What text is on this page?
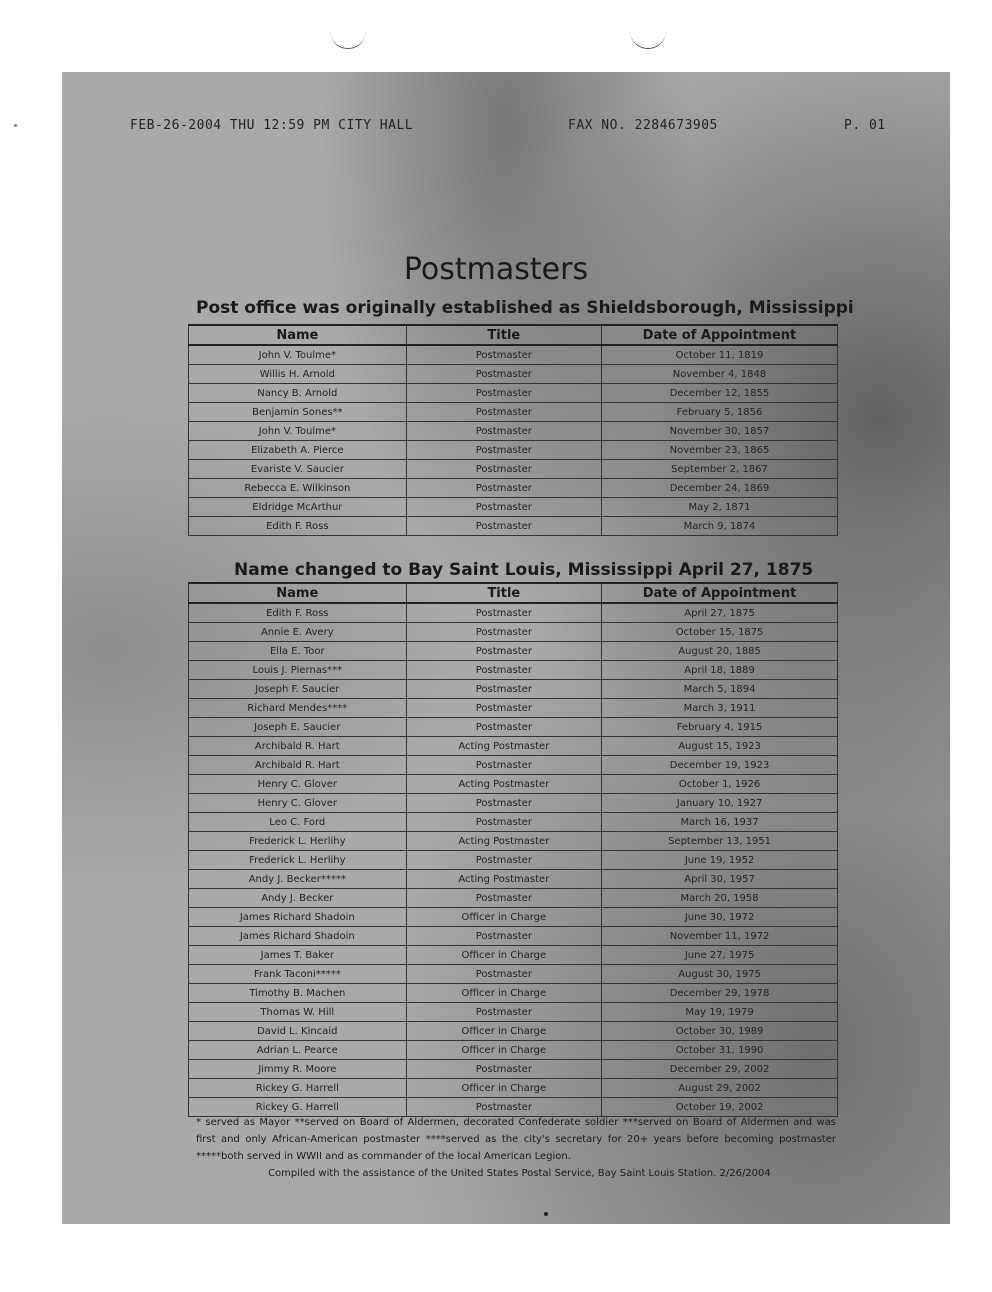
FEB-26-2004 THU 12:59 PM CITY HALL	FAX NO. 2284673905	P. 01
Postmasters
Post office was originally established as Shieldsborough, Mississippi
Name	Title	Date of Appointment
John V. Toulme*	Postmaster	October 11, 1819
Willis H. Arnold	Postmaster	November 4, 1848
Nancy B. Arnold	Postmaster	December 12, 1855
Benjamin Sones**	Postmaster	February 5, 1856
John V. Toulme*	Postmaster	November 30, 1857
Elizabeth A. Pierce	Postmaster	November 23, 1865
Evariste V. Saucier	Postmaster	September 2, 1867
Rebecca E. Wilkinson	Postmaster	December 24, 1869
Eldridge McArthur	Postmaster	May 2, 1871
Edith F. Ross	Postmaster	March 9, 1874
Name changed to Bay Saint Louis, Mississippi April 27, 1875
Name	Title	Date of Appointment
Edith F. Ross	Postmaster	April 27, 1875
Annie E. Avery	Postmaster	October 15, 1875
Ella E. Toor	Postmaster	August 20, 1885
Louis J. Piernas***	Postmaster	April 18, 1889
Joseph F. Saucier	Postmaster	March 5, 1894
Richard Mendes****	Postmaster	March 3, 1911
Joseph E. Saucier	Postmaster	February 4, 1915
Archibald R. Hart	Acting Postmaster	August 15, 1923
Archibald R. Hart	Postmaster	December 19, 1923
Henry C. Glover	Acting Postmaster	October 1, 1926
Henry C. Glover	Postmaster	January 10, 1927
Leo C. Ford	Postmaster	March 16, 1937
Frederick L. Herlihy	Acting Postmaster	September 13, 1951
Frederick L. Herlihy	Postmaster	June 19, 1952
Andy J. Becker*****	Acting Postmaster	April 30, 1957
Andy J. Becker	Postmaster	March 20, 1958
James Richard Shadoin	Officer in Charge	June 30, 1972
James Richard Shadoin	Postmaster	November 11, 1972
James T. Baker	Officer in Charge	June 27, 1975
Frank Taconi*****	Postmaster	August 30, 1975
Timothy B. Machen	Officer in Charge	December 29, 1978
Thomas W. Hill	Postmaster	May 19, 1979
David L. Kincaid	Officer in Charge	October 30, 1989
Adrian L. Pearce	Officer in Charge	October 31, 1990
Jimmy R. Moore	Postmaster	December 29, 2002
Rickey G. Harrell	Officer in Charge	August 29, 2002
Rickey G. Harrell	Postmaster	October 19, 2002
* served as Mayor **served on Board of Aldermen, decorated Confederate soldier ***served on Board of Aldermen and was first and only African-American postmaster ****served as the city's secretary for 20+ years before becoming postmaster *****both served in WWII and as commander of the local American Legion.
Compiled with the assistance of the United States Postal Service, Bay Saint Louis Station. 2/26/2004
